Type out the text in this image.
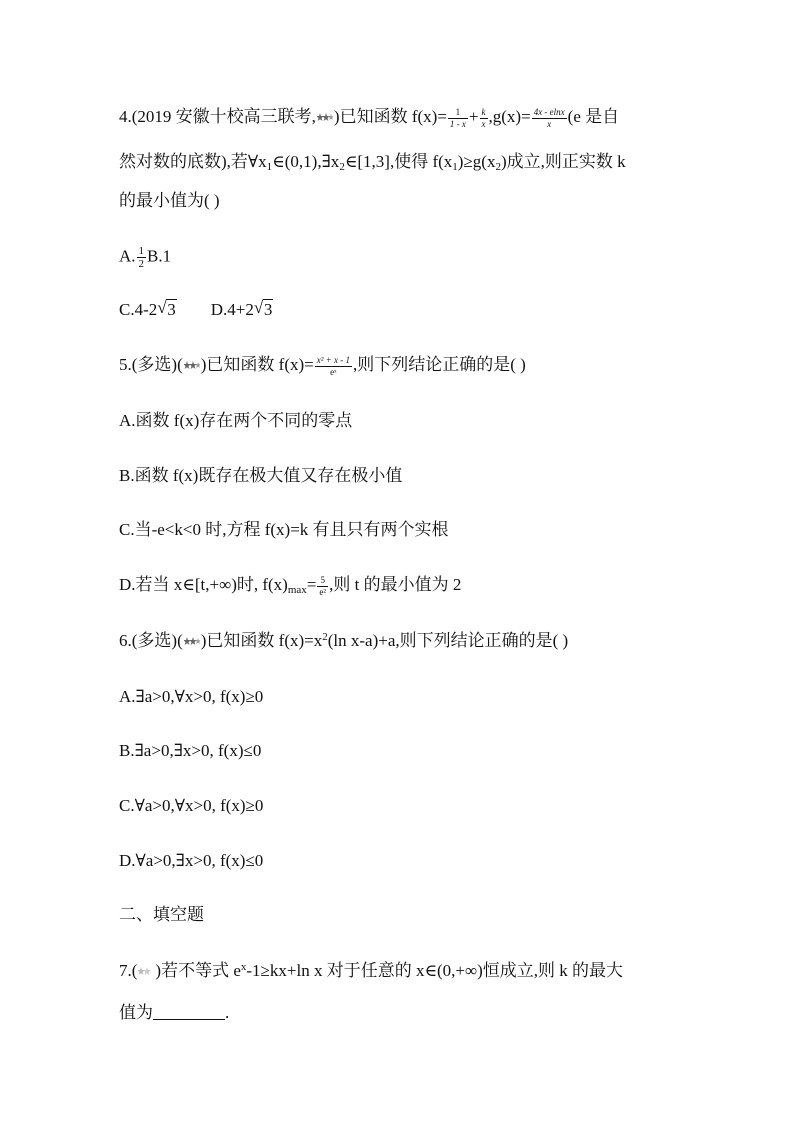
4.(2019 安徽十校高三联考, )已知函数 $f(x)= \frac{1}{1 - x} + \frac{k}{x} ,g(x)= \frac{4x - elnx}{x} (e$ 是自
然对数的底数),若$\forall x_1\in(0,1),\exists x_2\in[1,3]$,使得 $f(x_1)\ge g(x_2)$成立,则正实数 k
的最小值为( )
A. $\frac{1}{2} B.1$
C.4-2 √ 3 D.4+2 √ 3
5.(多选)( )已知函数 $f(x)= \frac{\text{x² + x - 1}}{\text{eˣ}}$ ,则下列结论正确的是( )
A.函数 f(x)存在两个不同的零点
B.函数 f(x)既存在极大值又存在极小值
C.当-e<k<0 时,方程 f(x)=k 有且只有两个实根
D.若当 x∈[t,+∞)时, $f(x)_{max}= \frac{5}{\text{e²}}$ ,则 t 的最小值为 2
6.(多选)( )已知函数 $f(x)=x^2(\ln$ x-a)+a,则下列结论正确的是( )
A.∃a>0,∀x>0, f(x)≥0
B.∃a>0,∃x>0, f(x)≤0
C.∀a>0,∀x>0, f(x)≥0
D.∀a>0,∃x>0, f(x)≤0
二、填空题
7.( )若不等式 $e^x-1\ge kx+\ln$ x 对于任意的 x∈(0,+∞)恒成立,则 k 的最大
值为	.
